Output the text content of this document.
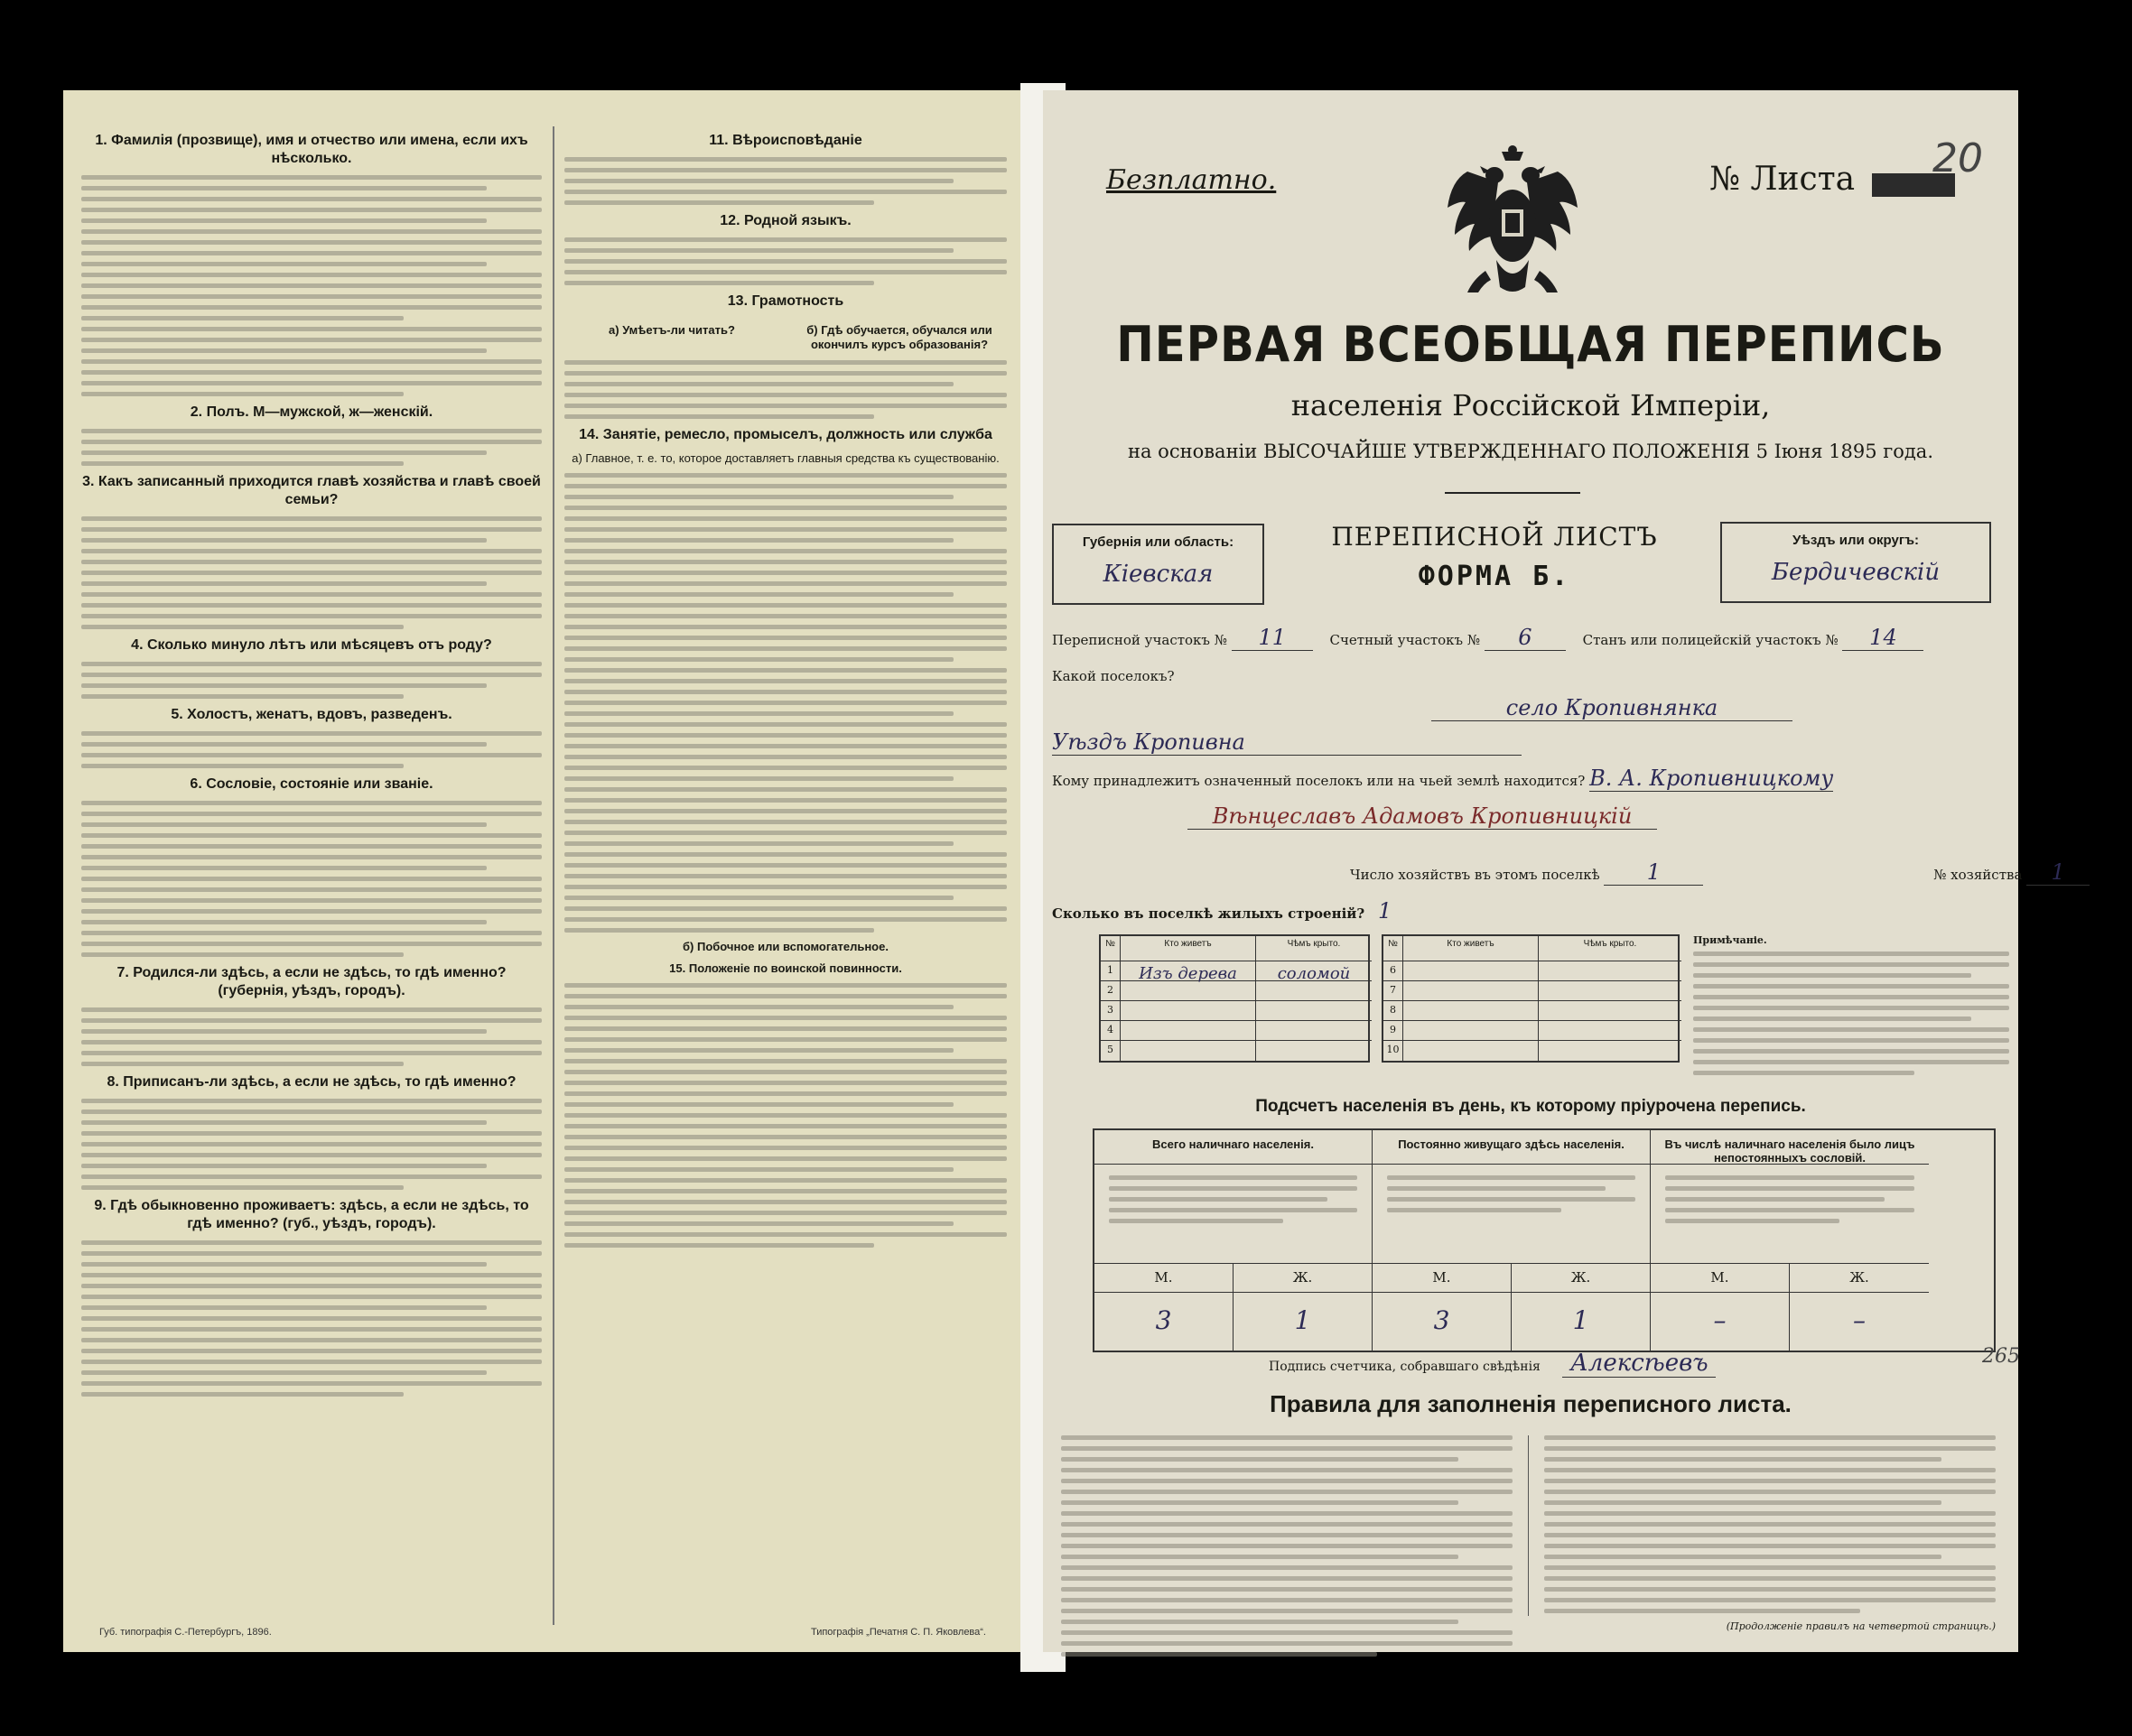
1. Фамилія (прозвище), имя и отчество или имена, если ихъ нѣсколько.
2. Полъ. М—мужской, ж—женскій.
3. Какъ записанный приходится главѣ хозяйства и главѣ своей семьи?
4. Сколько минуло лѣтъ или мѣсяцевъ отъ роду?
5. Холостъ, женатъ, вдовъ, разведенъ.
6. Сословіе, состояніе или званіе.
7. Родился-ли здѣсь, а если не здѣсь, то гдѣ именно? (губернія, уѣздъ, городъ).
8. Приписанъ-ли здѣсь, а если не здѣсь, то гдѣ именно?
9. Гдѣ обыкновенно проживаетъ: здѣсь, а если не здѣсь, то гдѣ именно? (губ., уѣздъ, городъ).
11. Вѣроисповѣданіе
12. Родной языкъ.
13. Грамотность
а) Умѣетъ-ли читать?	б) Гдѣ обучается, обучался или окончилъ курсъ образованія?
14. Занятіе, ремесло, промыселъ, должность или служба
а) Главное, т. е. то, которое доставляетъ главныя средства къ существованію.
б) Побочное или вспомогательное.
15. Положеніе по воинской повинности.
Губ. типографія С.-Петербургъ, 1896.	Типографія „Печатня С. П. Яковлева“.
Безплатно.	№ Листа 20
ПЕРВАЯ ВСЕОБЩАЯ ПЕРЕПИСЬ
населенія Россійской Имперіи,
на основаніи ВЫСОЧАЙШЕ УТВЕРЖДЕННАГО ПОЛОЖЕНІЯ 5 Іюня 1895 года.
Губернія или область:
Кіевская
ПЕРЕПИСНОЙ ЛИСТЪ
ФОРМА Б.
Уѣздъ или округъ:
Бердичевскій
Переписной участокъ № 11	Счетный участокъ № 6	Станъ или полицейскій участокъ № 14
Какой поселокъ?
село Кропивнянка
Уѣздъ Кропивна
Кому принадлежитъ означенный поселокъ или на чьей землѣ находится? В. А. Кропивницкому
Вѣнцеславъ Адамовъ Кропивницкій
Число хозяйствъ въ этомъ поселкѣ 1	№ хозяйства 1
Сколько въ поселкѣ жилыхъ строеній? 1
№	Кто живетъ	Чѣмъ крыто.
1	Изъ дерева	соломой
2
3
4
5
№	Кто живетъ	Чѣмъ крыто.
6
7
8
9
10
Примѣчаніе.
Подсчетъ населенія въ день, къ которому пріурочена перепись.
Всего наличнаго населенія.	Постоянно живущаго здѣсь населенія.	Въ числѣ наличнаго населенія было лицъ непостоянныхъ сословій.
М.	Ж.	М.	Ж.	М.	Ж.
3	1	3	1	–	–
Подпись счетчика, собравшаго свѣдѣнія Алексѣевъ
Правила для заполненія переписного листа.
(Продолженіе правилъ на четвертой страницѣ.)
265
